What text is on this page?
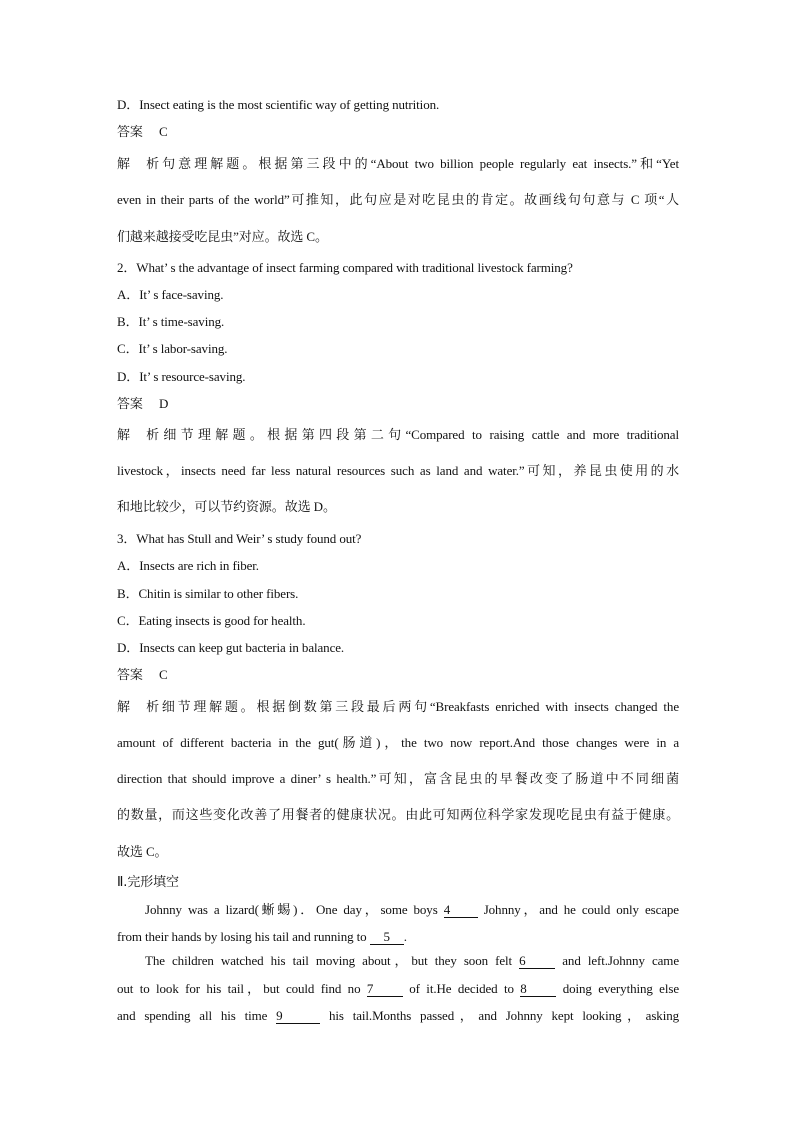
D．Insect eating is the most scientific way of getting nutrition.
答案 C
解析句意理解题。根据第三段中的“About two billion people regularly eat insects.”和“Yet
even in their parts of the world”可推知，此句应是对吃昆虫的肯定。故画线句句意与 C 项“人
们越来越接受吃昆虫”对应。故选 C。
2．What’ s the advantage of insect farming compared with traditional livestock farming?
A．It’ s face-saving.
B．It’ s time-saving.
C．It’ s labor-saving.
D．It’ s resource-saving.
答案 D
解析细节理解题。根据第四段第二句“Compared to raising cattle and more traditional
livestock，insects need far less natural resources such as land and water.”可知，养昆虫使用的水
和地比较少，可以节约资源。故选 D。
3．What has Stull and Weir’ s study found out?
A．Insects are rich in fiber.
B．Chitin is similar to other fibers.
C．Eating insects is good for health.
D．Insects can keep gut bacteria in balance.
答案 C
解析细节理解题。根据倒数第三段最后两句“Breakfasts enriched with insects changed the
amount of different bacteria in the gut(肠道)，the two now report.And those changes were in a
direction that should improve a diner’ s health.”可知，富含昆虫的早餐改变了肠道中不同细菌
的数量，而这些变化改善了用餐者的健康状况。由此可知两位科学家发现吃昆虫有益于健康。
故选 C。
Ⅱ.完形填空
Johnny was a lizard(蜥蜴)．One day，some boys 4	Johnny，and he could only escape
from their hands by losing his tail and running to 5 .
The children watched his tail moving about，but they soon felt 6	and left.Johnny came
out to look for his tail，but could find no 7	of it.He decided to 8	doing everything else
and spending all his time 9	his tail.Months passed，and Johnny kept looking，asking
